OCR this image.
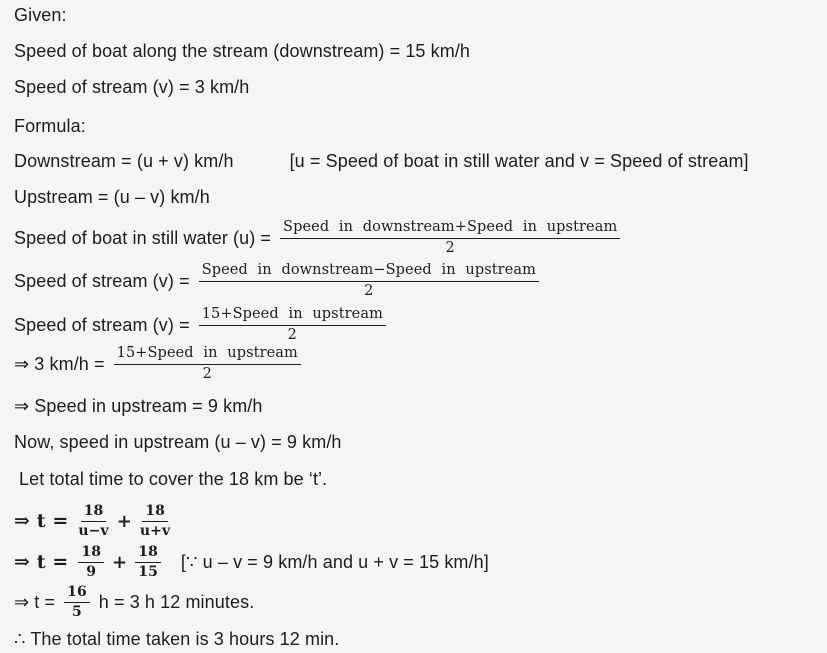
Given:
Speed of boat along the stream (downstream) = 15 km/h
Speed of stream (v) = 3 km/h
Formula:
Downstream = (u + v) km/h	[u = Speed of boat in still water and v = Speed of stream]
Upstream = (u – v) km/h
Speed of boat in still water $(u) = \frac{\text{Speed in downstream+Speed in upstream}}{2}$
Speed of stream $(v) = \frac{\text{Speed in downstream−Speed in upstream}}{2}$
Speed of stream $(v) = \frac{\text{15+Speed in upstream}}{2}$
⇒ 3 $km/h = \frac{\text{15+Speed in upstream}}{2}$
⇒ Speed in upstream = 9 km/h
Now, speed in upstream (u – v) = 9 km/h
Let total time to cover the 18 km be ‘t’.
⇒ $t = \frac{18}{u-v} + \frac{18}{u+v}$
⇒ $t = \frac{18}{9} + \frac{18}{15}$ [∵ u – v = 9 km/h and u + v = 15 km/h]
⇒ $t = \frac{16}{5}$ h = 3 h 12 minutes.
∴ The total time taken is 3 hours 12 min.
